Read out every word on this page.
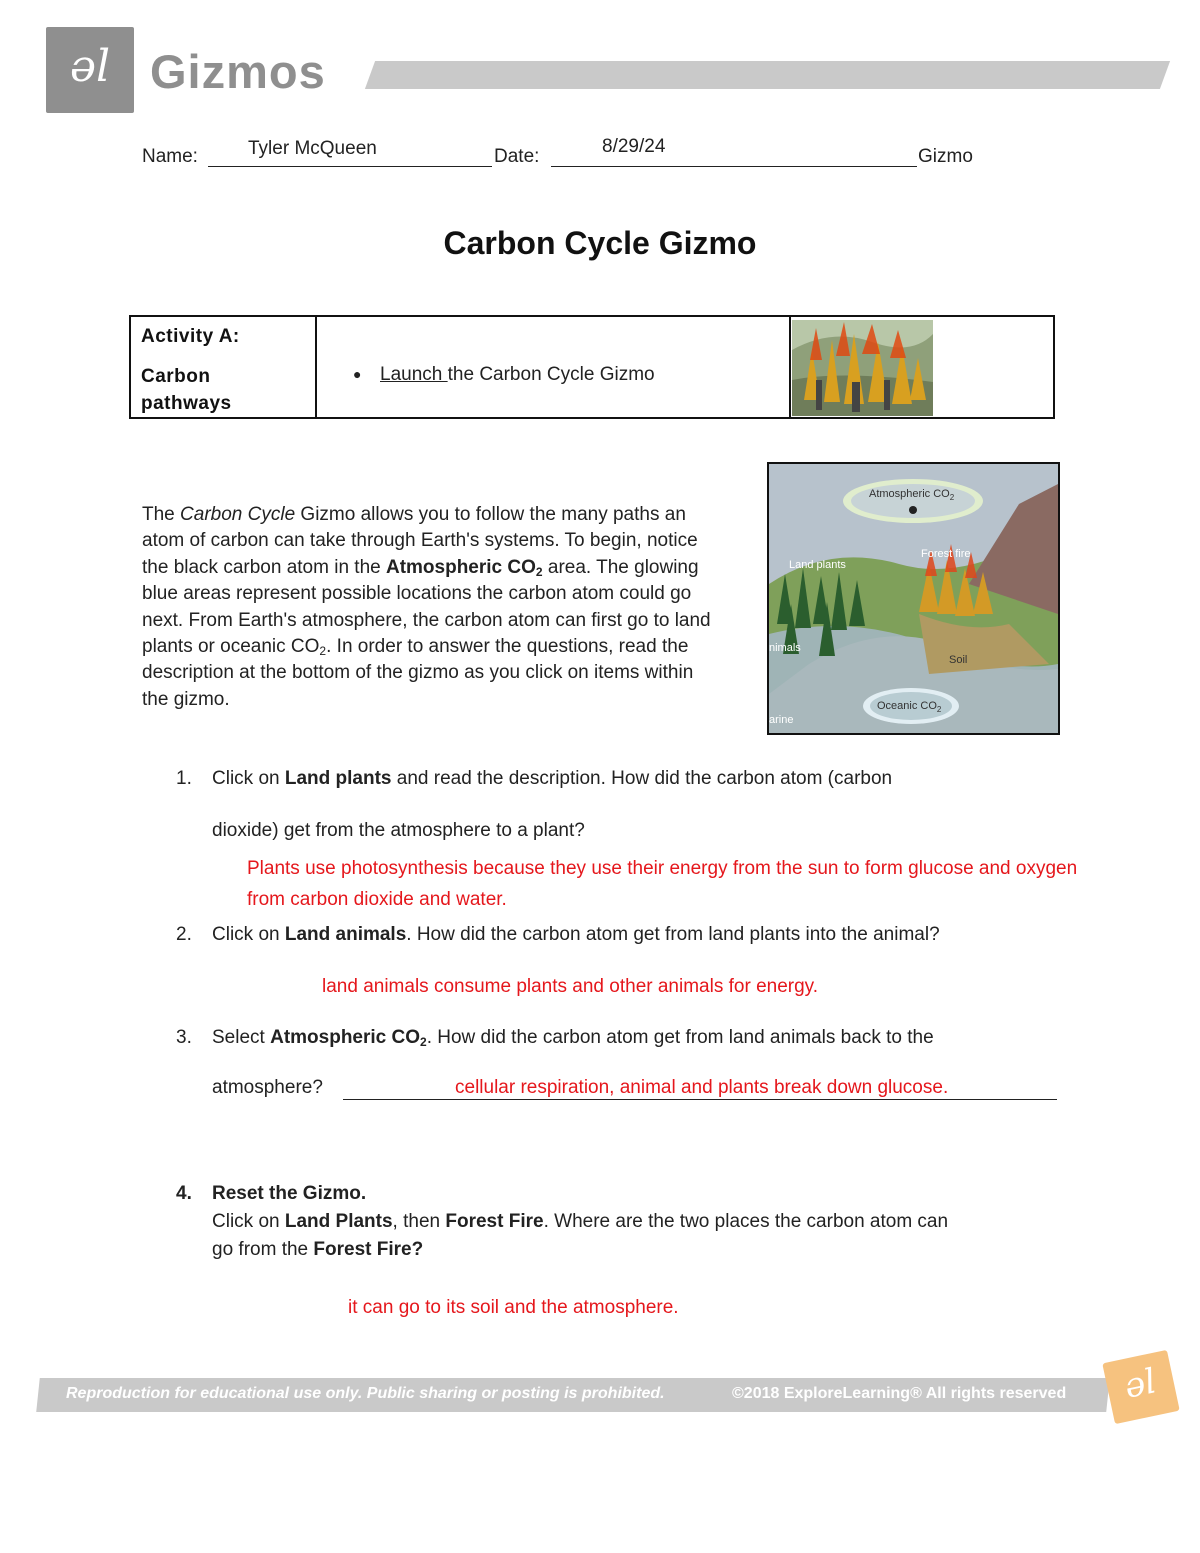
əl Gizmos
Name:	Tyler McQueen	Date:	8/29/24	Gizmo
Carbon Cycle Gizmo
Activity A:
Carbon
pathways
● Launch the Carbon Cycle Gizmo
Atmospheric $CO_2$
Forest fire
Land plants
nimals
Soil
Oceanic $CO_2$
arine
The Carbon Cycle Gizmo allows you to follow the many paths an atom of carbon can take through Earth's systems. To begin, notice the black carbon atom in the Atmospheric $CO_2$ area. The glowing blue areas represent possible locations the carbon atom could go next. From Earth's atmosphere, the carbon atom can first go to land plants or oceanic $CO_2$. In order to answer the questions, read the description at the bottom of the gizmo as you click on items within the gizmo.
1. Click on Land plants and read the description. How did the carbon atom (carbon
dioxide) get from the atmosphere to a plant?
Plants use photosynthesis because they use their energy from the sun to form glucose and oxygen
from carbon dioxide and water.
2. Click on Land animals. How did the carbon atom get from land plants into the animal?
land animals consume plants and other animals for energy.
3. Select Atmospheric $CO_2$. How did the carbon atom get from land animals back to the
atmosphere?	cellular respiration, animal and plants break down glucose.
4. Reset the Gizmo.
Click on Land Plants, then Forest Fire. Where are the two places the carbon atom can
go from the Forest Fire?
it can go to its soil and the atmosphere.
Reproduction for educational use only. Public sharing or posting is prohibited.	©2018 ExploreLearning® All rights reserved	əl
